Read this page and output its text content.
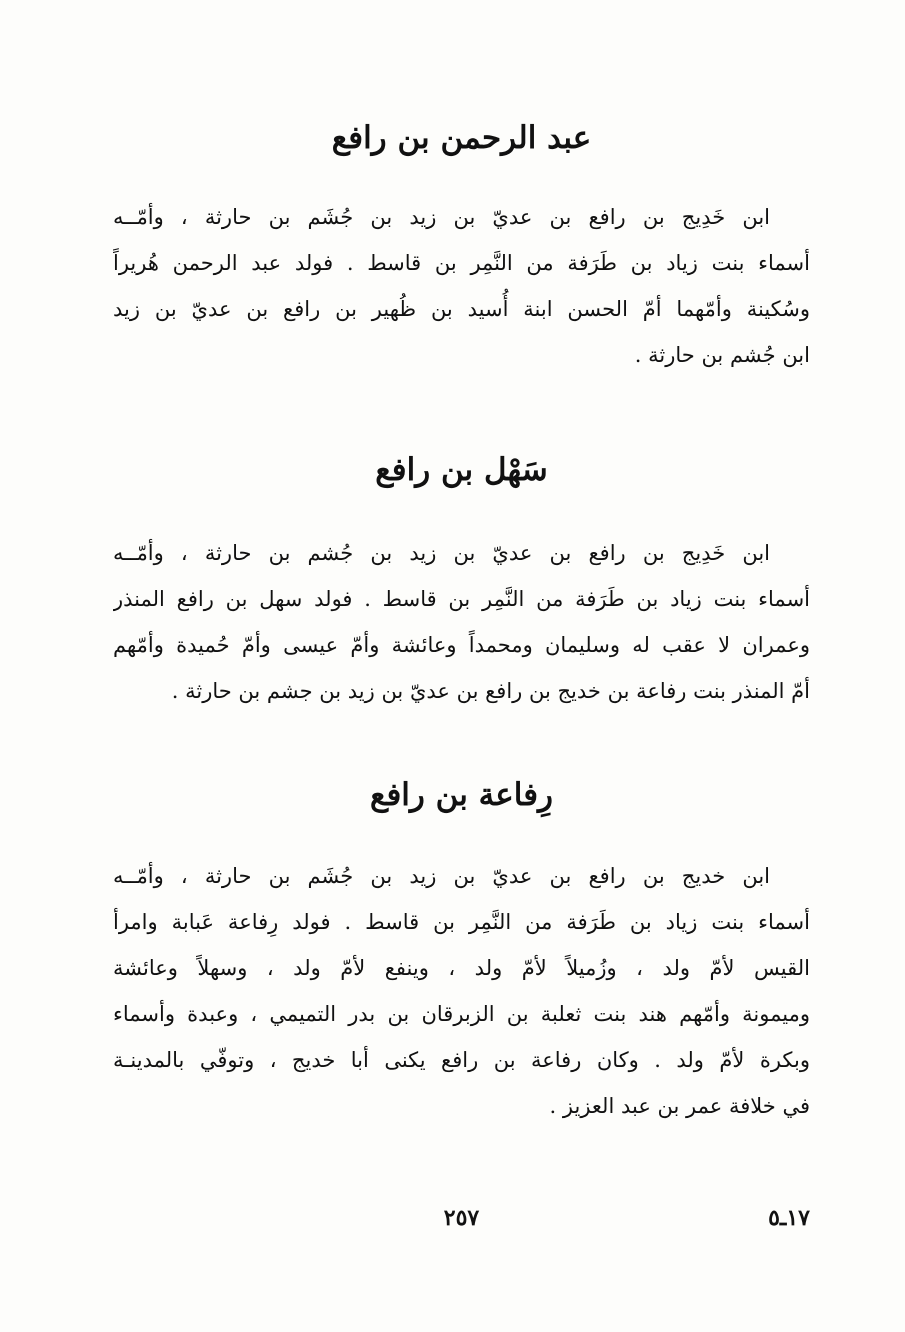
عبد الرحمن بن رافع
ابن خَدِيج بن رافع بن عديّ بن زيد بن جُشَم بن حارثة ، وأمّــه
أسماء بنت زياد بن طَرَفة من النَّمِر بن قاسط . فولد عبد الرحمن هُريراً
وسُكينة وأمّهما أمّ الحسن ابنة أُسيد بن ظُهير بن رافع بن عديّ بن زيد
ابن جُشم بن حارثة .
سَهْل بن رافع
ابن خَدِيج بن رافع بن عديّ بن زيد بن جُشم بن حارثة ، وأمّــه
أسماء بنت زياد بن طَرَفة من النَّمِر بن قاسط . فولد سهل بن رافع المنذر
وعمران لا عقب له وسليمان ومحمداً وعائشة وأمّ عيسى وأمّ حُميدة وأمّهم
أمّ المنذر بنت رفاعة بن خديج بن رافع بن عديّ بن زيد بن جشم بن حارثة .
رِفاعة بن رافع
ابن خديج بن رافع بن عديّ بن زيد بن جُشَم بن حارثة ، وأمّــه
أسماء بنت زياد بن طَرَفة من النَّمِر بن قاسط . فولد رِفاعة عَبابة وامرأ
القيس لأمّ ولد ، وزُميلاً لأمّ ولد ، وينفع لأمّ ولد ، وسهلاً وعائشة
وميمونة وأمّهم هند بنت ثعلبة بن الزبرقان بن بدر التميمي ، وعبدة وأسماء
وبكرة لأمّ ولد . وكان رفاعة بن رافع يكنى أبا خديج ، وتوفّي بالمدينـة
في خلافة عمر بن عبد العزيز .
١٧ـ٥
٢٥٧
